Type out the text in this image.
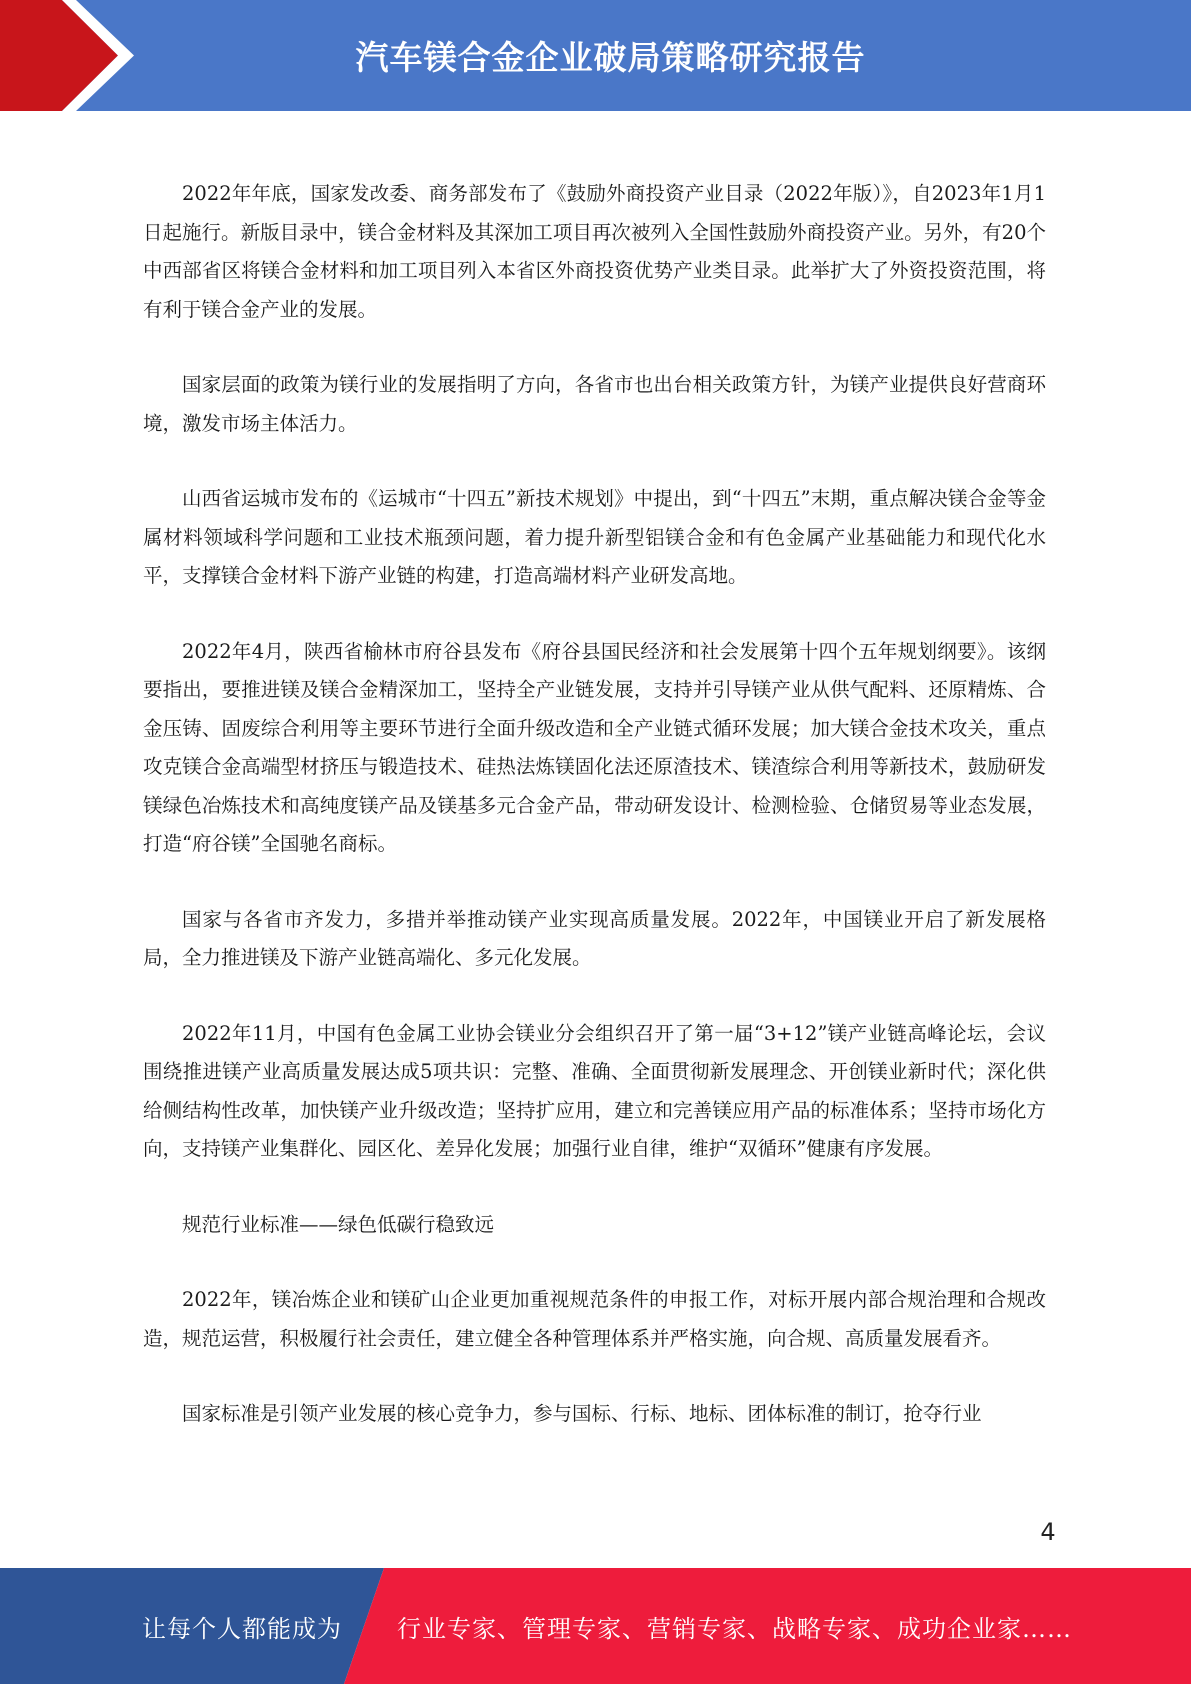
汽车镁合金企业破局策略研究报告

2022年年底，国家发改委、商务部发布了《鼓励外商投资产业目录（2022年版）》，自2023年1月1日起施行。新版目录中，镁合金材料及其深加工项目再次被列入全国性鼓励外商投资产业。另外，有20个中西部省区将镁合金材料和加工项目列入本省区外商投资优势产业类目录。此举扩大了外资投资范围，将有利于镁合金产业的发展。

国家层面的政策为镁行业的发展指明了方向，各省市也出台相关政策方针，为镁产业提供良好营商环境，激发市场主体活力。

山西省运城市发布的《运城市“十四五”新技术规划》中提出，到“十四五”末期，重点解决镁合金等金属材料领域科学问题和工业技术瓶颈问题，着力提升新型铝镁合金和有色金属产业基础能力和现代化水平，支撑镁合金材料下游产业链的构建，打造高端材料产业研发高地。

2022年4月，陕西省榆林市府谷县发布《府谷县国民经济和社会发展第十四个五年规划纲要》。该纲要指出，要推进镁及镁合金精深加工，坚持全产业链发展，支持并引导镁产业从供气配料、还原精炼、合金压铸、固废综合利用等主要环节进行全面升级改造和全产业链式循环发展；加大镁合金技术攻关，重点攻克镁合金高端型材挤压与锻造技术、硅热法炼镁固化法还原渣技术、镁渣综合利用等新技术，鼓励研发镁绿色冶炼技术和高纯度镁产品及镁基多元合金产品，带动研发设计、检测检验、仓储贸易等业态发展，打造“府谷镁”全国驰名商标。

国家与各省市齐发力，多措并举推动镁产业实现高质量发展。2022年，中国镁业开启了新发展格局，全力推进镁及下游产业链高端化、多元化发展。

2022年11月，中国有色金属工业协会镁业分会组织召开了第一届“3+12”镁产业链高峰论坛，会议围绕推进镁产业高质量发展达成5项共识：完整、准确、全面贯彻新发展理念、开创镁业新时代；深化供给侧结构性改革，加快镁产业升级改造；坚持扩应用，建立和完善镁应用产品的标准体系；坚持市场化方向，支持镁产业集群化、园区化、差异化发展；加强行业自律，维护“双循环”健康有序发展。

规范行业标准——绿色低碳行稳致远

2022年，镁冶炼企业和镁矿山企业更加重视规范条件的申报工作，对标开展内部合规治理和合规改造，规范运营，积极履行社会责任，建立健全各种管理体系并严格实施，向合规、高质量发展看齐。

国家标准是引领产业发展的核心竞争力，参与国标、行标、地标、团体标准的制订，抢夺行业

4
让每个人都能成为 行业专家、管理专家、营销专家、战略专家、成功企业家……
